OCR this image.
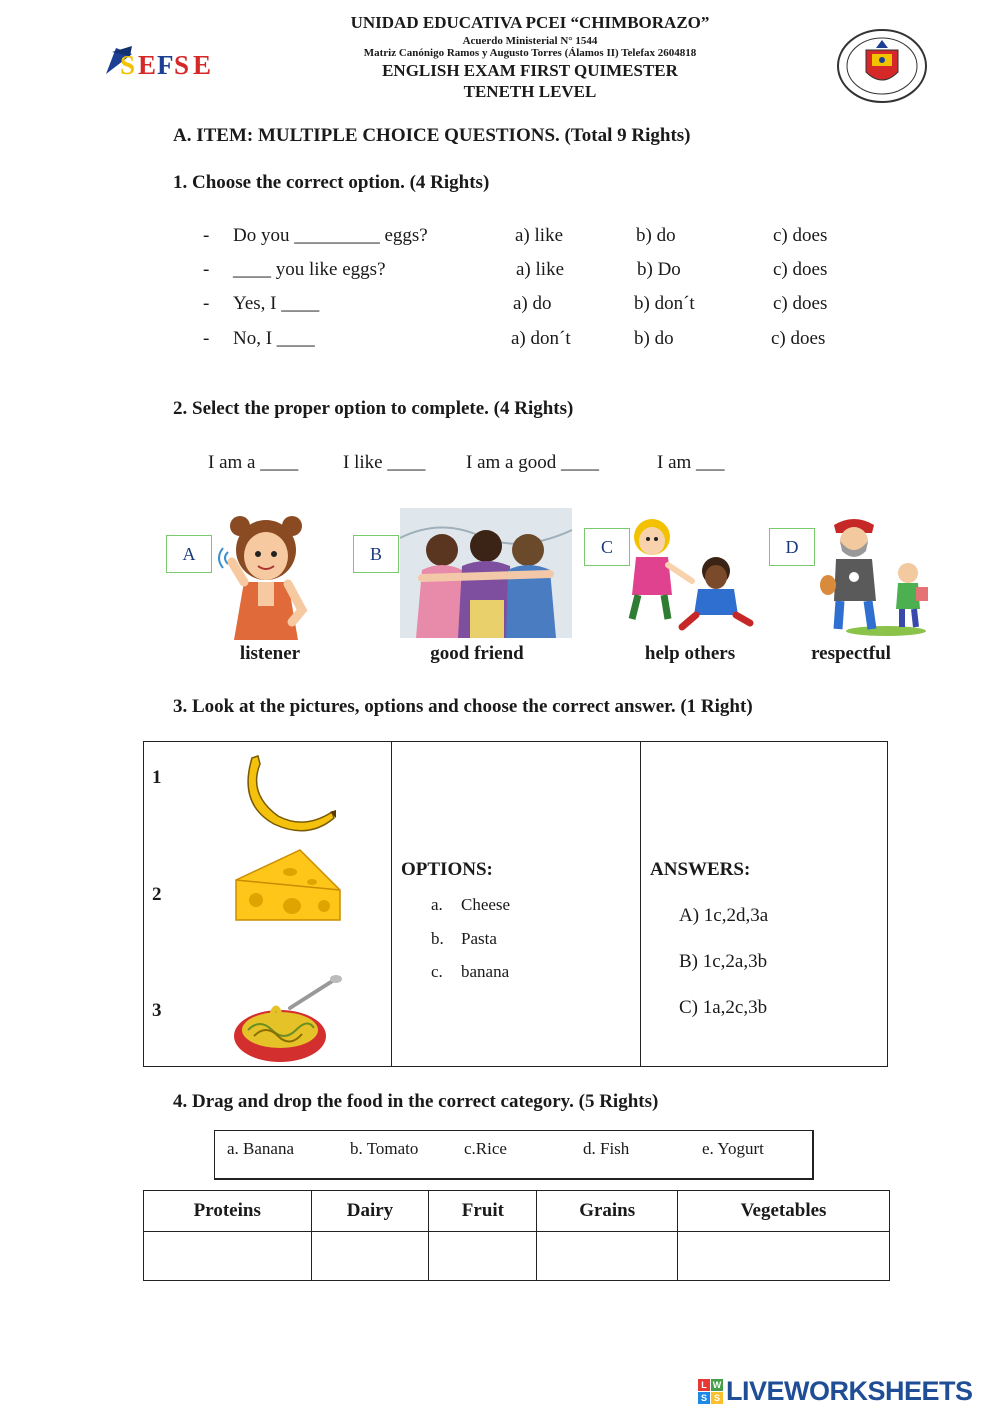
S E F S E
UNIDAD EDUCATIVA PCEI “CHIMBORAZO”
Acuerdo Ministerial N° 1544
Matriz Canónigo Ramos y Augusto Torres (Álamos II) Telefax 2604818
ENGLISH EXAM FIRST QUIMESTER
TENETH LEVEL
A. ITEM: MULTIPLE CHOICE QUESTIONS. (Total 9 Rights)
1. Choose the correct option. (4 Rights)
- Do you _________ eggs?	a) like	b) do	c) does
- ____ you like eggs?	a) like	b) Do	c) does
- Yes, I ____	a) do	b) don´t	c) does
- No, I ____	a) don´t	b) do	c) does
2. Select the proper option to complete. (4 Rights)
I am a ____ I like ____ I am a good ____	I am ___
A
listener
B
good friend
C
help others
D
respectful
3. Look at the pictures, options and choose the correct answer. (1 Right)
1
2
3

OPTIONS:
a. Cheese
b. Pasta
c. banana

ANSWERS:
A) 1c,2d,3a
B) 1c,2a,3b
C) 1a,2c,3b
4. Drag and drop the food in the correct category. (5 Rights)
a. Banana	b. Tomato	c.Rice	d. Fish	e. Yogurt
Proteins	Dairy	Fruit	Grains	Vegetables

L W
S S LIVEWORKSHEETS
